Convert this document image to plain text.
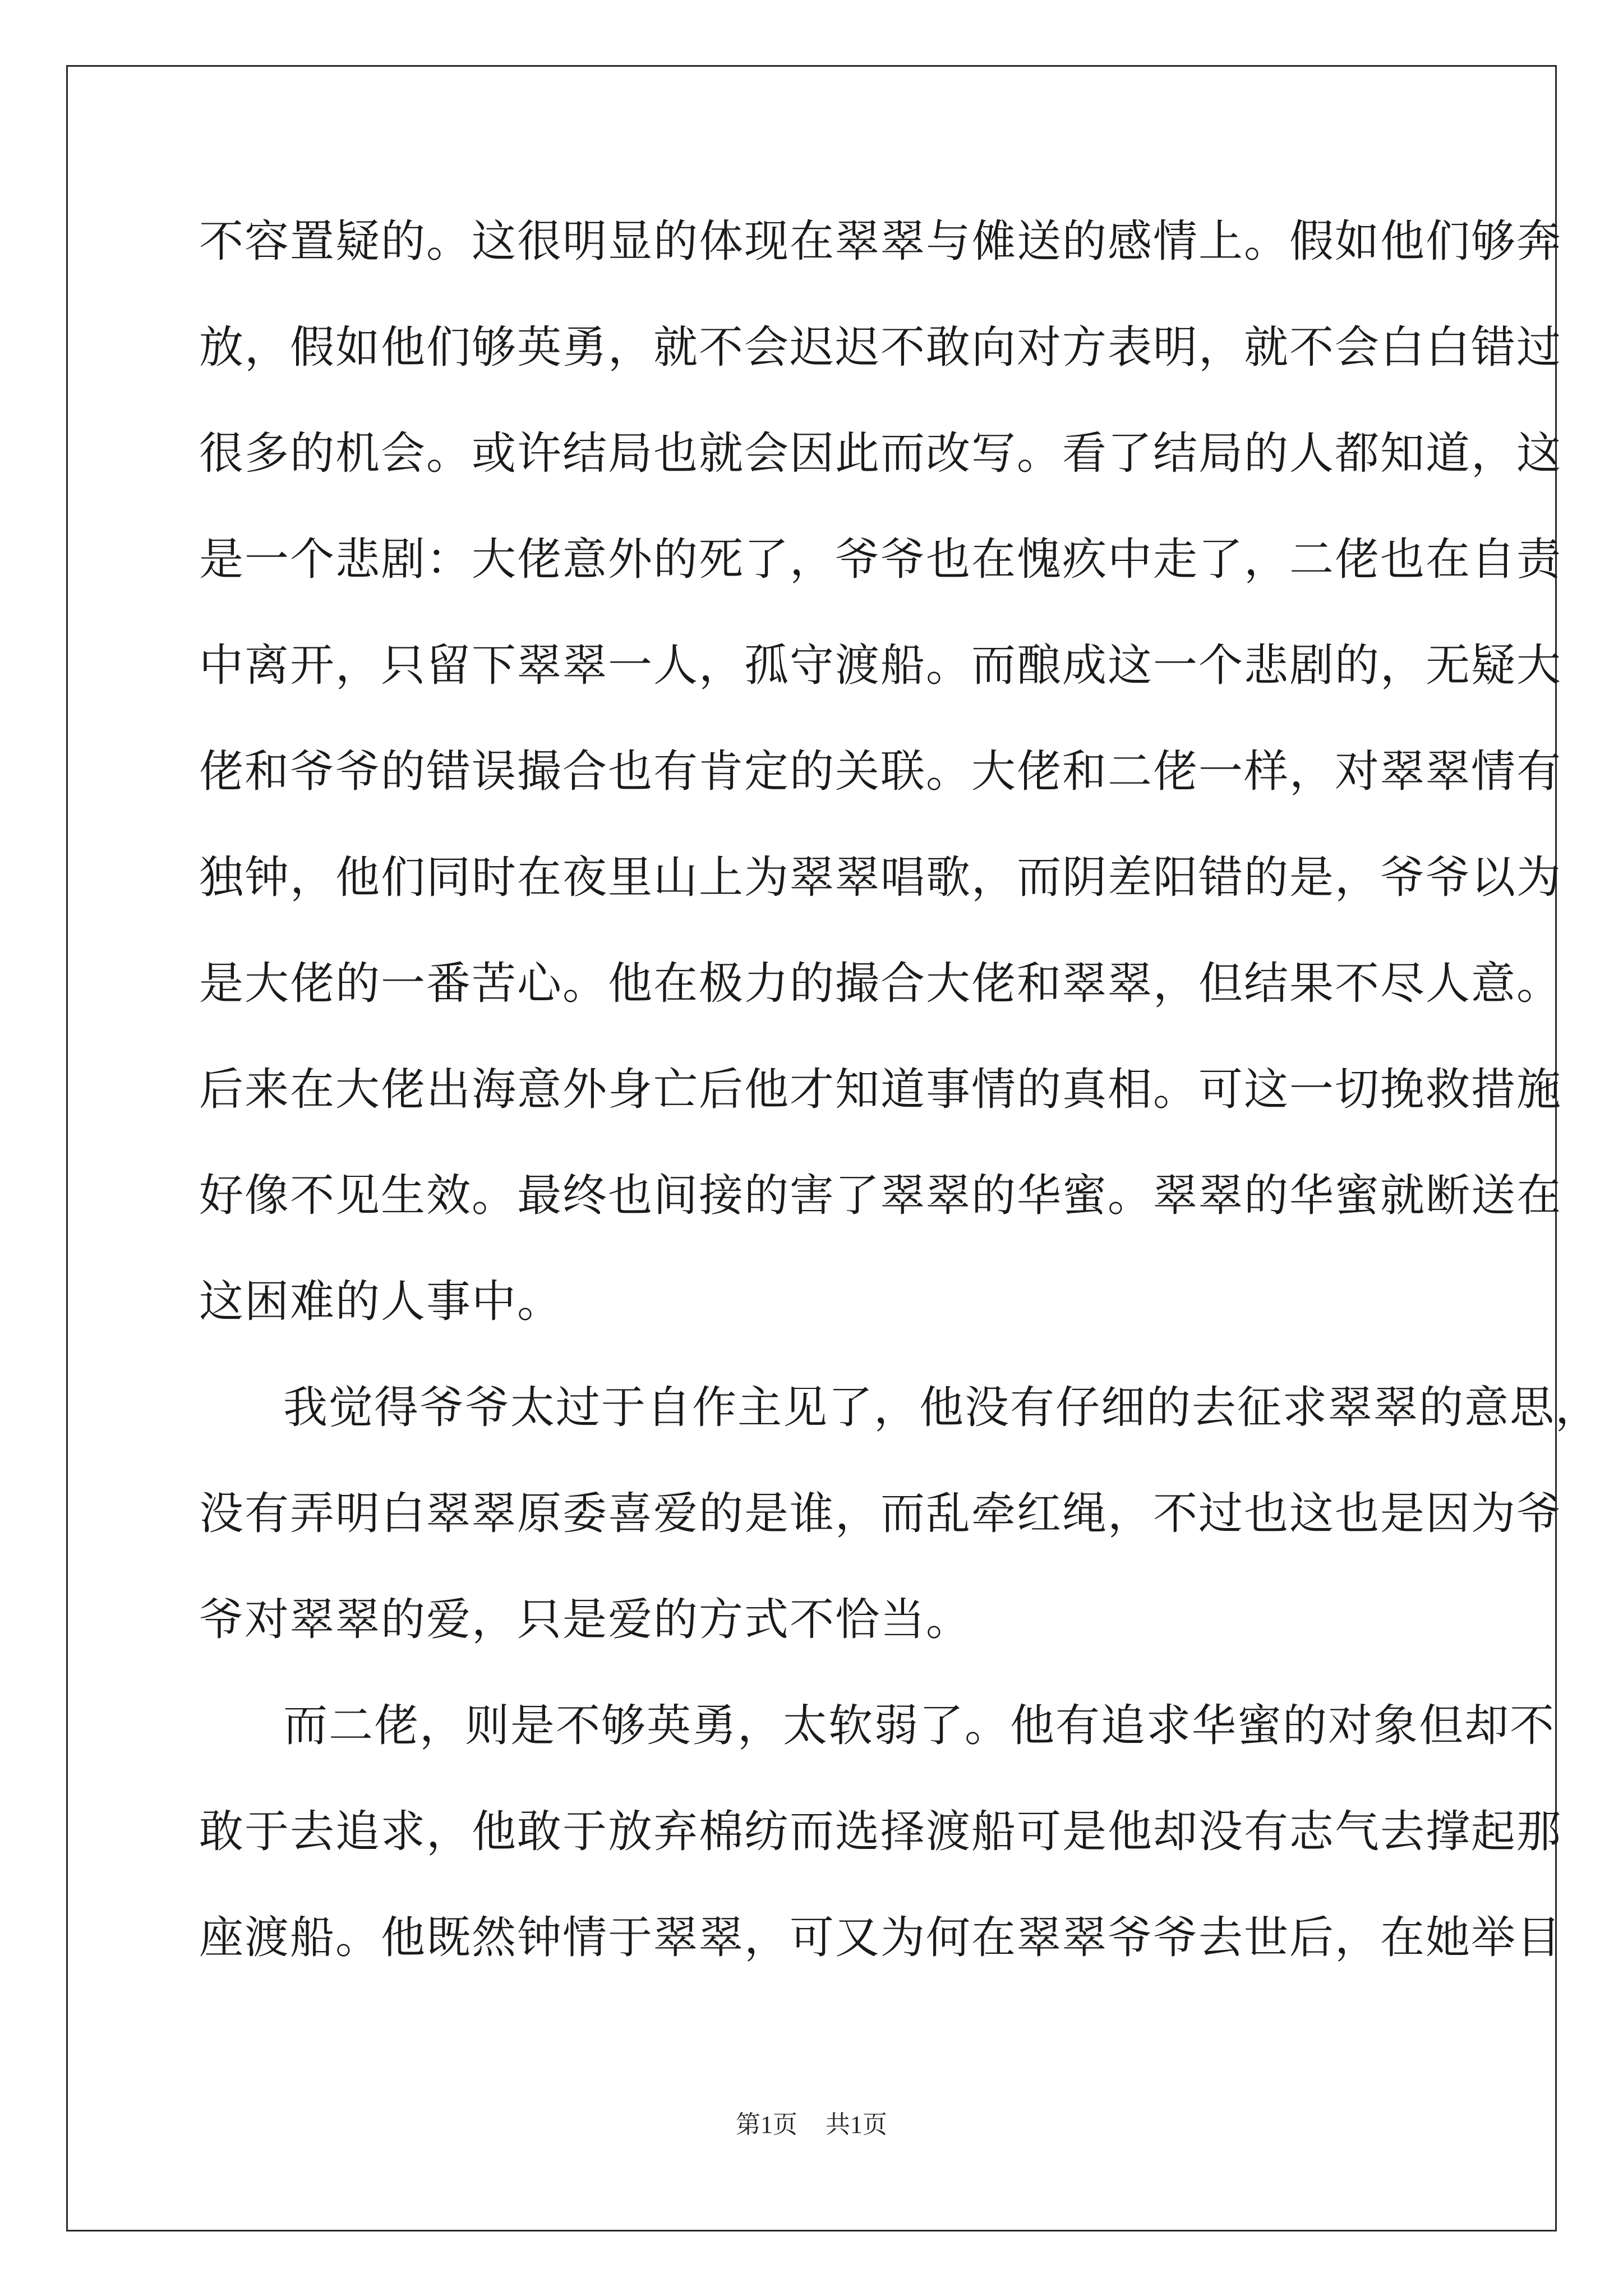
不容置疑的。这很明显的体现在翠翠与傩送的感情上。假如他们够奔
放，假如他们够英勇，就不会迟迟不敢向对方表明，就不会白白错过
很多的机会。或许结局也就会因此而改写。看了结局的人都知道，这
是一个悲剧：大佬意外的死了，爷爷也在愧疚中走了，二佬也在自责
中离开，只留下翠翠一人，孤守渡船。而酿成这一个悲剧的，无疑大
佬和爷爷的错误撮合也有肯定的关联。大佬和二佬一样，对翠翠情有
独钟，他们同时在夜里山上为翠翠唱歌，而阴差阳错的是，爷爷以为
是大佬的一番苦心。他在极力的撮合大佬和翠翠，但结果不尽人意。
后来在大佬出海意外身亡后他才知道事情的真相。可这一切挽救措施
好像不见生效。最终也间接的害了翠翠的华蜜。翠翠的华蜜就断送在
这困难的人事中。
我觉得爷爷太过于自作主见了，他没有仔细的去征求翠翠的意思，
没有弄明白翠翠原委喜爱的是谁，而乱牵红绳，不过也这也是因为爷
爷对翠翠的爱，只是爱的方式不恰当。
而二佬，则是不够英勇，太软弱了。他有追求华蜜的对象但却不
敢于去追求，他敢于放弃棉纺而选择渡船可是他却没有志气去撑起那
座渡船。他既然钟情于翠翠，可又为何在翠翠爷爷去世后，在她举目
第1页 共1页
